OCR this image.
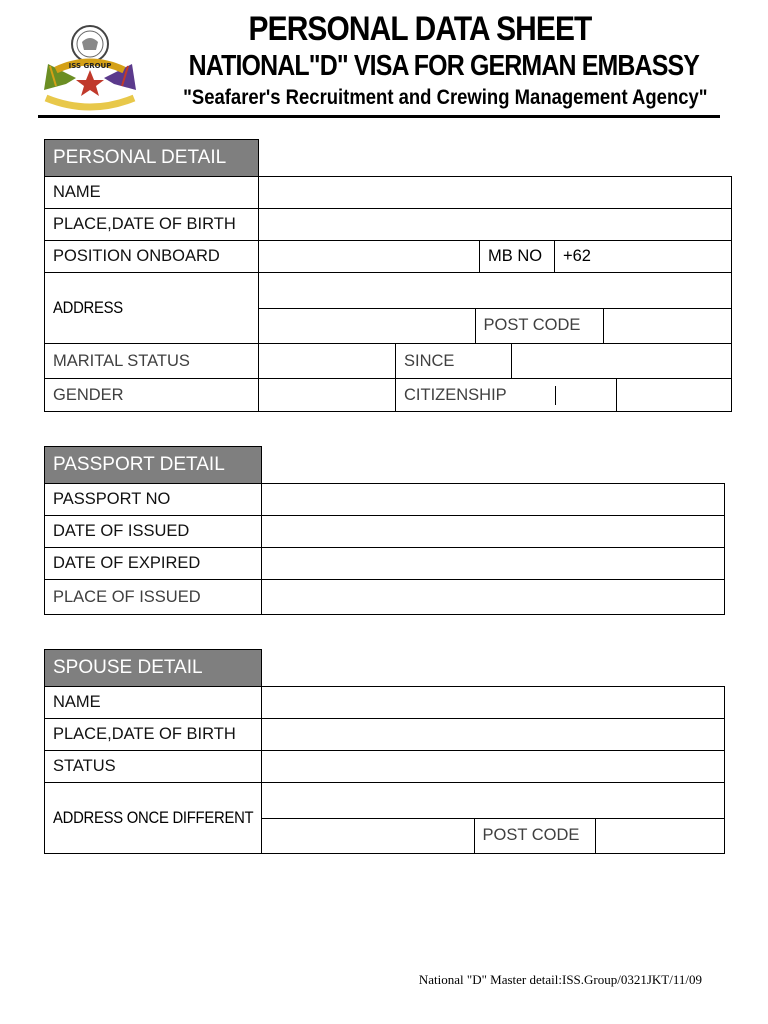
ISS GROUP
PERSONAL DATA SHEET
NATIONAL"D" VISA FOR GERMAN EMBASSY
"Seafarer's Recruitment and Crewing Management Agency"
PERSONAL DETAIL	
NAME	
PLACE,DATE OF BIRTH	
POSITION ONBOARD		MB NO	+62
ADDRESS	

	POST CODE	

MARITAL STATUS		SINCE	
GENDER			CITIZENSHIP	

PASSPORT DETAIL	
PASSPORT NO	
DATE OF ISSUED	
DATE OF EXPIRED	
PLACE OF ISSUED	
SPOUSE DETAIL	
NAME	
PLACE,DATE OF BIRTH	
STATUS	
ADDRESS ONCE DIFFERENT	

	POST CODE	
National "D" Master detail:ISS.Group/0321JKT/11/09
